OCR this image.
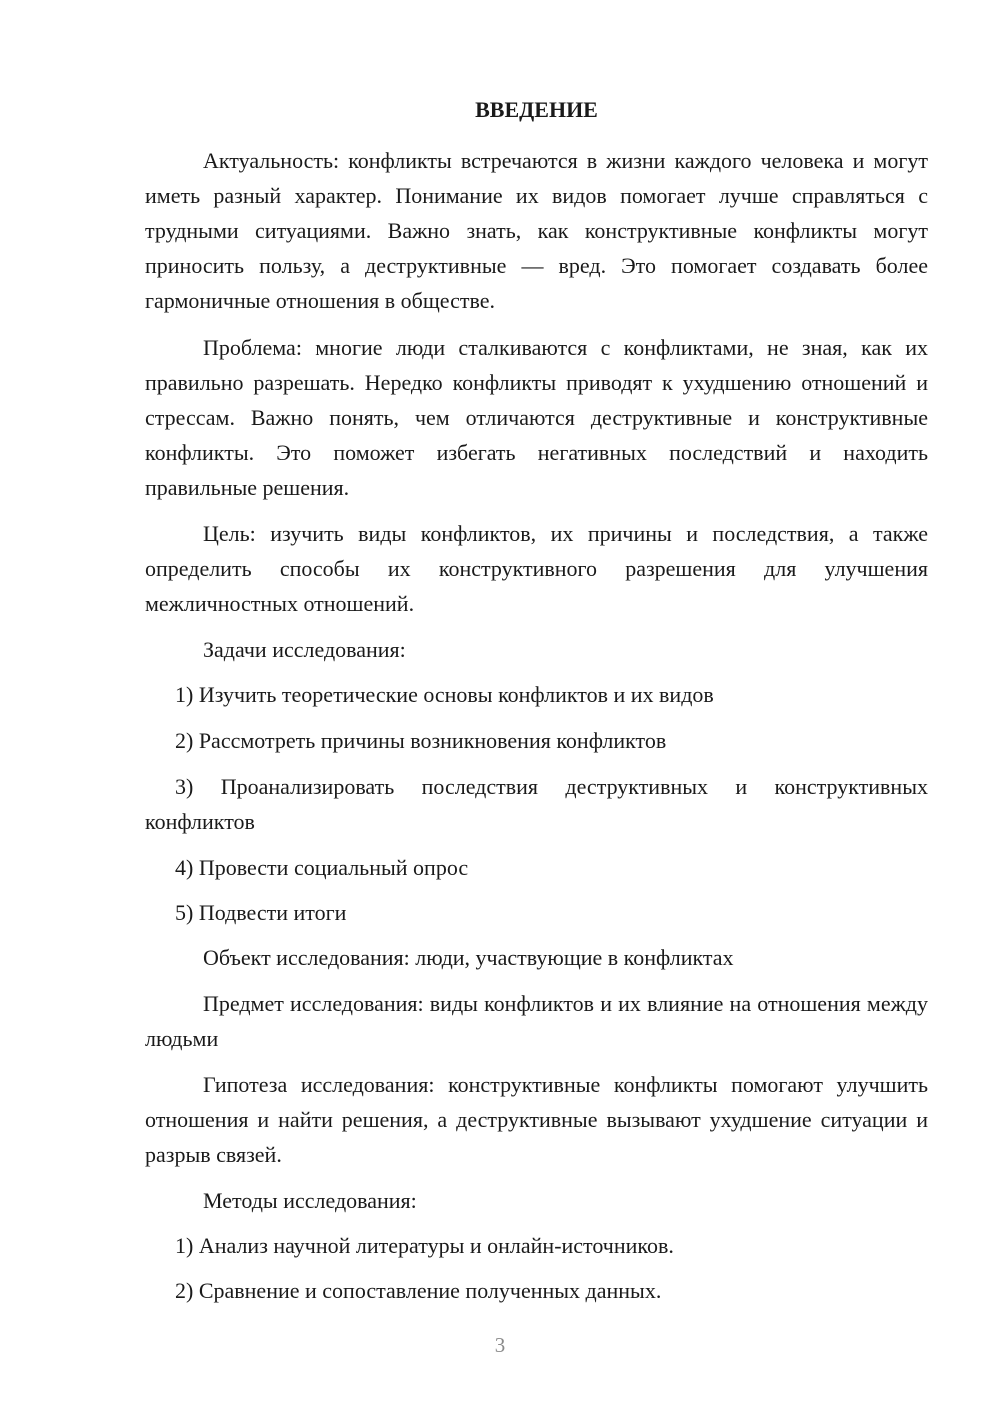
ВВЕДЕНИЕ

Актуальность: конфликты встречаются в жизни каждого человека и могут иметь разный характер. Понимание их видов помогает лучше справляться с трудными ситуациями. Важно знать, как конструктивные конфликты могут приносить пользу, а деструктивные — вред. Это помогает создавать более гармоничные отношения в обществе.

Проблема: многие люди сталкиваются с конфликтами, не зная, как их правильно разрешать. Нередко конфликты приводят к ухудшению отношений и стрессам. Важно понять, чем отличаются деструктивные и конструктивные конфликты. Это поможет избегать негативных последствий и находить правильные решения.

Цель: изучить виды конфликтов, их причины и последствия, а также определить способы их конструктивного разрешения для улучшения межличностных отношений.

Задачи исследования:

1) Изучить теоретические основы конфликтов и их видов

2) Рассмотреть причины возникновения конфликтов

3) Проанализировать последствия деструктивных и конструктивных конфликтов

4) Провести социальный опрос

5) Подвести итоги

Объект исследования: люди, участвующие в конфликтах

Предмет исследования: виды конфликтов и их влияние на отношения между людьми

Гипотеза исследования: конструктивные конфликты помогают улучшить отношения и найти решения, а деструктивные вызывают ухудшение ситуации и разрыв связей.

Методы исследования:

1) Анализ научной литературы и онлайн-источников.

2) Сравнение и сопоставление полученных данных.

3
